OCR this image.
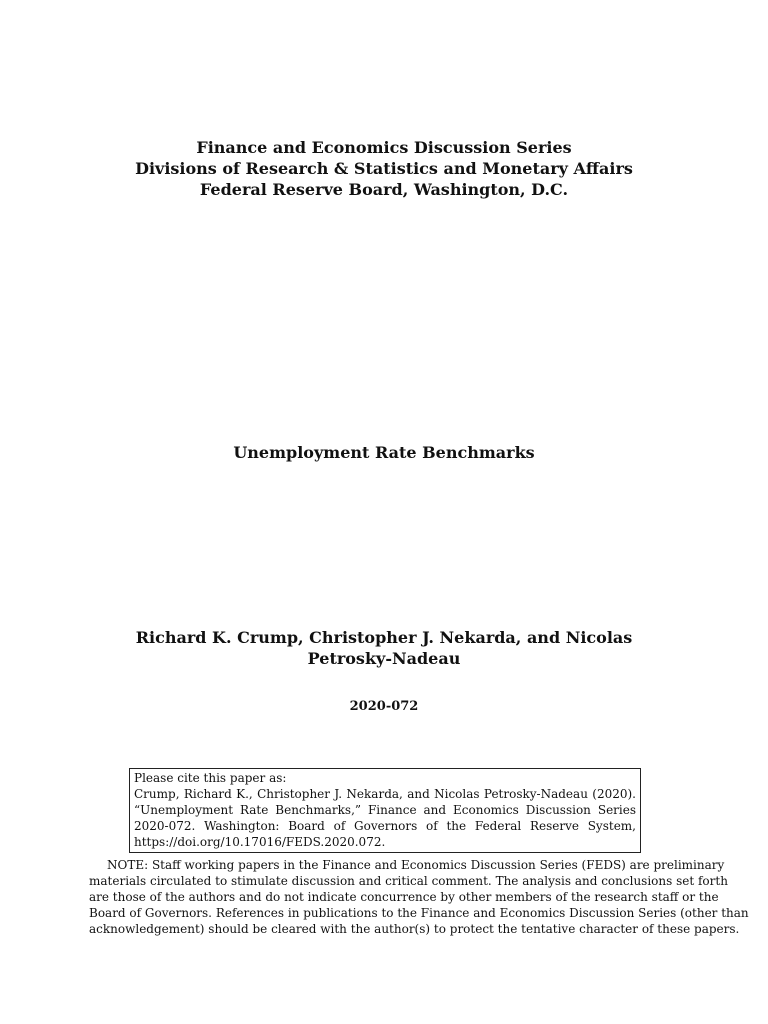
Finance and Economics Discussion Series
Divisions of Research & Statistics and Monetary Affairs
Federal Reserve Board, Washington, D.C.
Unemployment Rate Benchmarks
Richard K. Crump, Christopher J. Nekarda, and Nicolas
Petrosky-Nadeau
2020-072
Please cite this paper as:
Crump, Richard K., Christopher J. Nekarda, and Nicolas Petrosky-Nadeau (2020).
“Unemployment Rate Benchmarks,” Finance and Economics Discussion Series
2020-072. Washington: Board of Governors of the Federal Reserve System,
https://doi.org/10.17016/FEDS.2020.072.
NOTE: Staff working papers in the Finance and Economics Discussion Series (FEDS) are preliminary
materials circulated to stimulate discussion and critical comment. The analysis and conclusions set forth
are those of the authors and do not indicate concurrence by other members of the research staff or the
Board of Governors. References in publications to the Finance and Economics Discussion Series (other than
acknowledgement) should be cleared with the author(s) to protect the tentative character of these papers.
